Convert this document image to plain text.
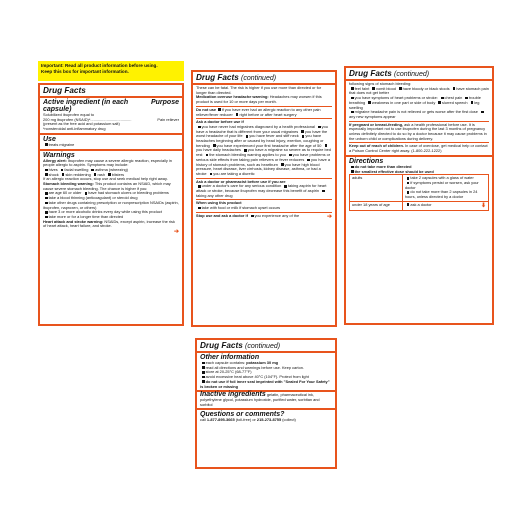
Important: Read all product information before using.
Keep this box for important information.
Drug Facts
Active ingredient (in each capsule)
Purpose
Solubilized ibuprofen equal to
200 mg ibuprofen (NSAID)* ......................................	Pain reliever
(present as the free acid and potassium salt)
*nonsteroidal anti-inflammatory drug
Use
treats migraine
Warnings
Allergy alert: Ibuprofen may cause a severe allergic reaction, especially in people allergic to aspirin. Symptoms may include:
hives facial swelling asthma (wheezing)
shock skin reddening rash blisters
If an allergic reaction occurs, stop use and seek medical help right away.
Stomach bleeding warning: This product contains an NSAID, which may cause severe stomach bleeding. The chance is higher if you:
are age 60 or older have had stomach ulcers or bleeding problems
take a blood thinning (anticoagulant) or steroid drug
take other drugs containing prescription or nonprescription NSAIDs (aspirin, ibuprofen, naproxen, or others)
have 3 or more alcoholic drinks every day while using this product
take more or for a longer time than directed
Heart attack and stroke warning: NSAIDs, except aspirin, increase the risk of heart attack, heart failure, and stroke.
➔
Drug Facts (continued)
These can be fatal. The risk is higher if you use more than directed or for longer than directed.
Medication overuse headache warning: Headaches may worsen if this product is used for 10 or more days per month.
Do not use if you have ever had an allergic reaction to any other pain reliever/fever reducer right before or after heart surgery
Ask a doctor before use if
you have never had migraines diagnosed by a health professional you have a headache that is different from your usual migraines you have the worst headache of your life you have fever and stiff neck you have headaches beginning after or caused by head injury, exertion, coughing or bending you have experienced your first headache after the age of 50 you have daily headaches you have a migraine so severe as to require bed rest the stomach bleeding warning applies to you you have problems or serious side effects from taking pain relievers or fever reducers you have a history of stomach problems, such as heartburn you have high blood pressure, heart disease, liver cirrhosis, kidney disease, asthma, or had a stroke you are taking a diuretic
Ask a doctor or pharmacist before use if you are
under a doctor's care for any serious condition taking aspirin for heart attack or stroke, because ibuprofen may decrease this benefit of aspirin taking any other drug
When using this product
take with food or milk if stomach upset occurs
Stop use and ask a doctor if you experience any of the	➔
Drug Facts (continued)
following signs of stomach bleeding:
feel faint vomit blood have bloody or black stools have stomach pain that does not get better
you have symptoms of heart problems or stroke: chest pain trouble breathing weakness in one part or side of body slurred speech leg swelling
migraine headache pain is not relieved or gets worse after the first dose any new symptoms appear
If pregnant or breast-feeding, ask a health professional before use. It is especially important not to use ibuprofen during the last 3 months of pregnancy unless definitely directed to do so by a doctor because it may cause problems in the unborn child or complications during delivery.
Keep out of reach of children. In case of overdose, get medical help or contact a Poison Control Center right away. (1-800-222-1222)
Directions
do not take more than directed
the smallest effective dose should be used
adults	take 2 capsules with a glass of water
if symptoms persist or worsen, ask your doctor
do not take more than 2 capsules in 24 hours, unless directed by a doctor

under 18 years of age	ask a doctor ⬇
Drug Facts (continued)
Other information
each capsule contains: potassium 30 mg
read all directions and warnings before use. Keep carton.
store at 20-25°C (68-77°F)
avoid excessive heat above 40°C (104°F). Protect from light
do not use if foil inner seal imprinted with "Sealed For Your Safety" is broken or missing
Inactive ingredients gelatin, pharmaceutical ink, polyethylene glycol, potassium hydroxide, purified water, sorbitan and sorbitol
Questions or comments?
call 1-877-895-3665 (toll-free) or 215-273-8755 (collect)
